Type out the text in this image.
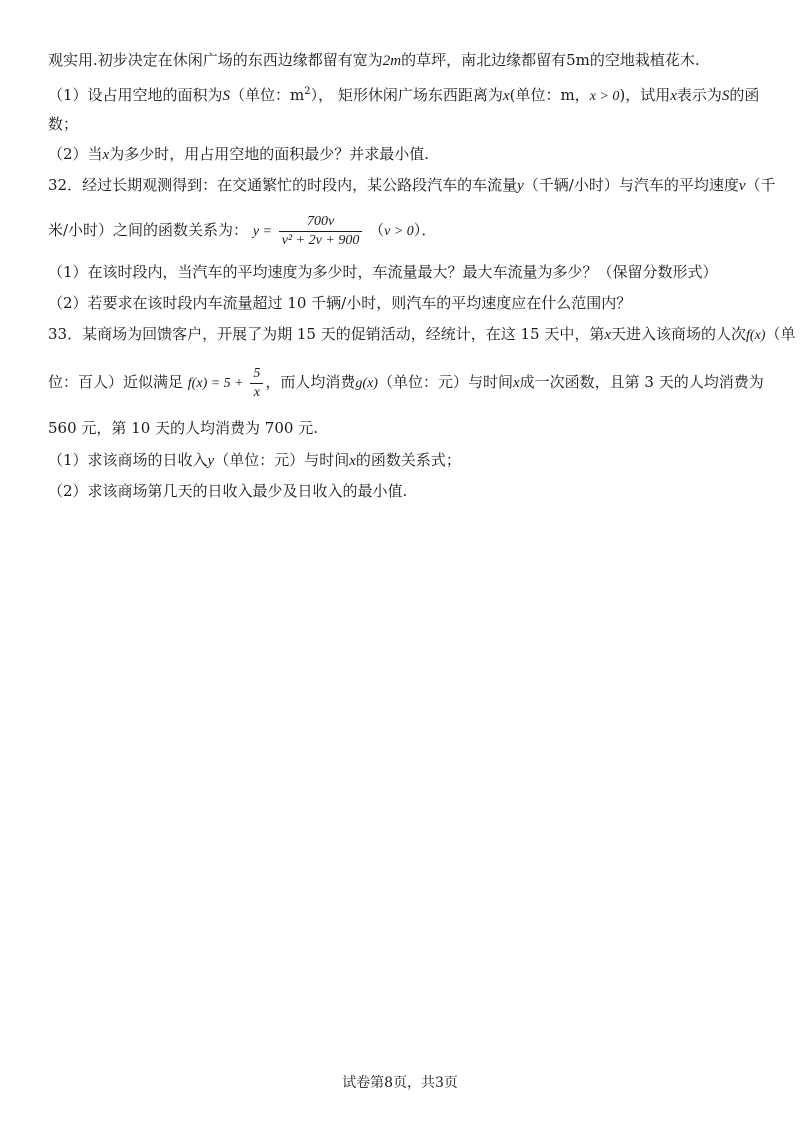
观实用.初步决定在休闲广场的东西边缘都留有宽为2m的草坪，南北边缘都留有5m的空地栽植花木.
（1）设占用空地的面积为S（单位：$m^2$）， 矩形休闲广场东西距离为x(单位：m，x > 0)，试用x表示为S的函
数；
（2）当x为多少时，用占用空地的面积最少？并求最小值.
32．经过长期观测得到：在交通繁忙的时段内，某公路段汽车的车流量y（千辆/小时）与汽车的平均速度v（千
米/小时）之间的函数关系为： $y = \frac{700v}{\text{v² + 2v + 900}} (v > 0)$．
（1）在该时段内，当汽车的平均速度为多少时，车流量最大？最大车流量为多少？（保留分数形式）
（2）若要求在该时段内车流量超过 10 千辆/小时，则汽车的平均速度应在什么范围内？
33．某商场为回馈客户，开展了为期 15 天的促销活动，经统计，在这 15 天中，第x天进入该商场的人次f(x)（单
位：百人）近似满足 $f(x) = 5 + \frac{5}{x}$ ，而人均消费g(x)（单位：元）与时间x成一次函数，且第 3 天的人均消费为
560 元，第 10 天的人均消费为 700 元.
（1）求该商场的日收入y（单位：元）与时间x的函数关系式；
（2）求该商场第几天的日收入最少及日收入的最小值.
试卷第8页，共3页
